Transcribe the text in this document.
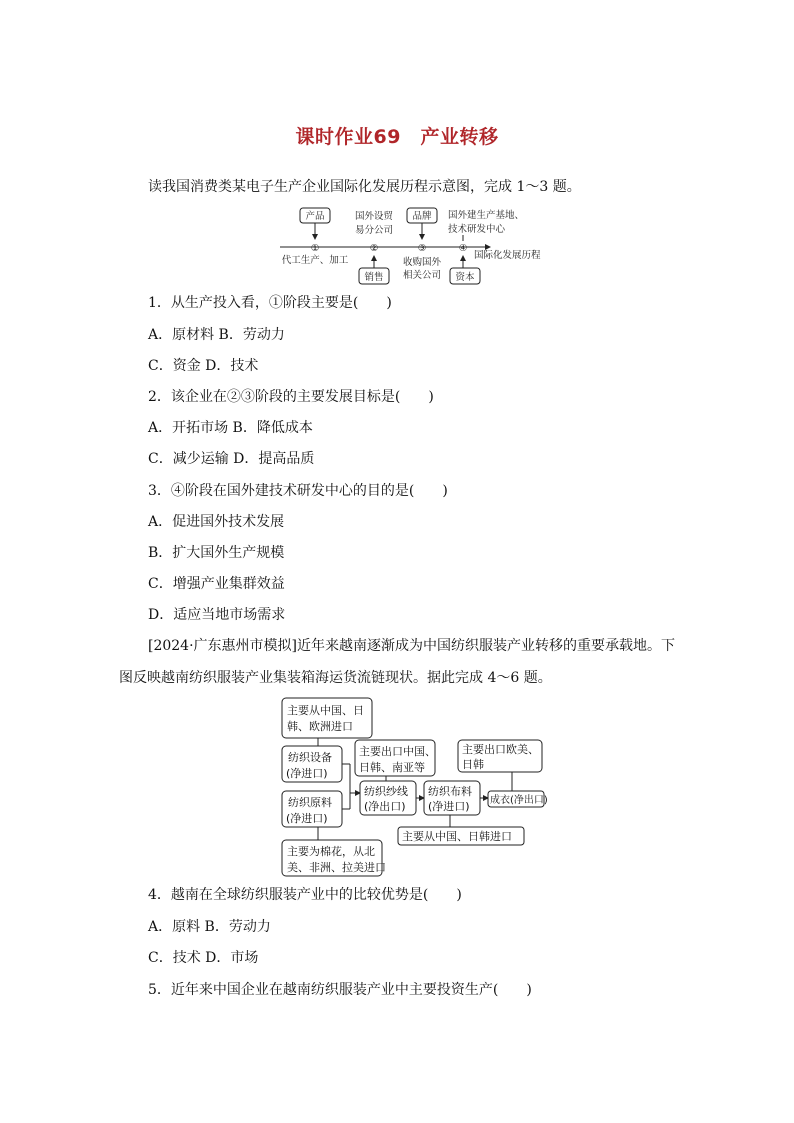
课时作业69　产业转移
读我国消费类某电子生产企业国际化发展历程示意图，完成 1～3 题。
产品	品牌
①	②	③	④
国外设贸
易分公司
国外建生产基地、
技术研发中心
代工生产、加工	收购国外
相关公司
销售	资本
国际化发展历程
1．从生产投入看，①阶段主要是(　　)
A．原材料 B．劳动力
C．资金 D．技术
2．该企业在②③阶段的主要发展目标是(　　)
A．开拓市场 B．降低成本
C．减少运输 D．提高品质
3．④阶段在国外建技术研发中心的目的是(　　)
A．促进国外技术发展
B．扩大国外生产规模
C．增强产业集群效益
D．适应当地市场需求
[2024·广东惠州市模拟]近年来越南逐渐成为中国纺织服装产业转移的重要承载地。下图反映越南纺织服装产业集装箱海运货流链现状。据此完成 4～6 题。
主要从中国、日
韩、欧洲进口
纺织设备
(净进口)
纺织原料
(净进口)
主要为棉花，从北
美、非洲、拉美进口
主要出口中国、
日韩、南亚等
纺织纱线
(净出口)
纺织布料
(净进口)
主要从中国、日韩进口
主要出口欧美、
日韩
成衣(净出口)
4．越南在全球纺织服装产业中的比较优势是(　　)
A．原料 B．劳动力
C．技术 D．市场
5．近年来中国企业在越南纺织服装产业中主要投资生产(　　)
